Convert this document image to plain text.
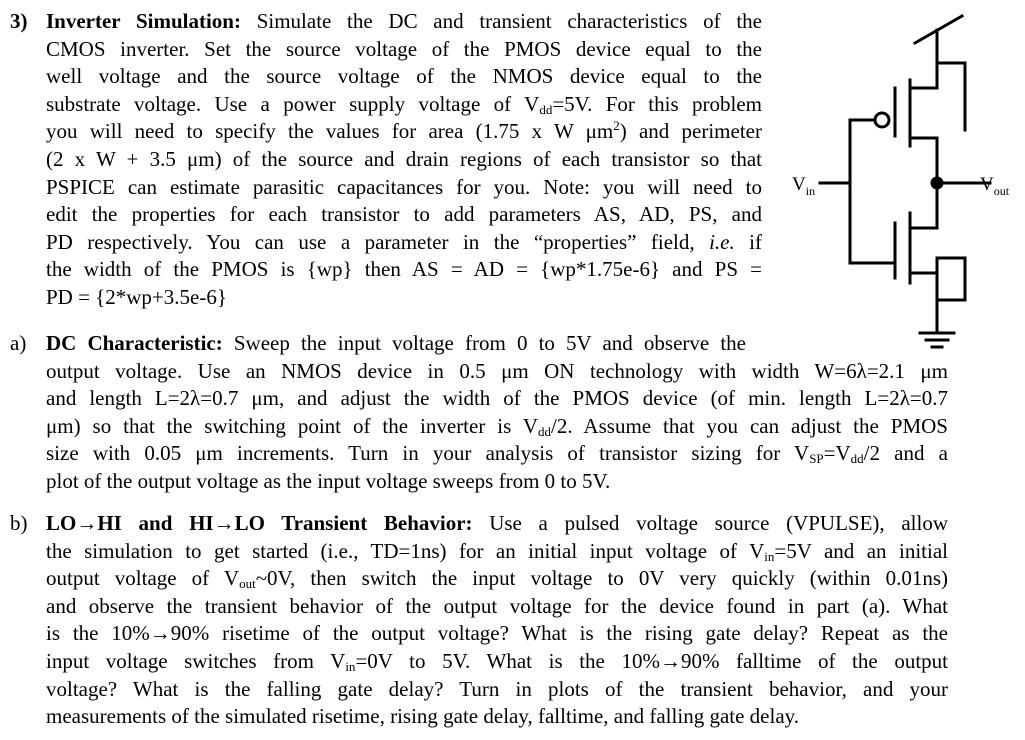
3) Inverter Simulation: Simulate the DC and transient characteristics of the
CMOS inverter. Set the source voltage of the PMOS device equal to the
well voltage and the source voltage of the NMOS device equal to the
substrate voltage. Use a power supply voltage of $V_{dd}=5V$. For this problem
you will need to specify the values for area (1.75 x W $\mu m^2$) and perimeter
(2 x W + 3.5 μm) of the source and drain regions of each transistor so that
PSPICE can estimate parasitic capacitances for you. Note: you will need to
edit the properties for each transistor to add parameters AS, AD, PS, and
PD respectively. You can use a parameter in the “properties” field, i.e. if
the width of the PMOS is {wp} then AS = AD = {wp*1.75e-6} and PS =
PD = {2*wp+3.5e-6}
$V_{in}$	$V_{out}$
a) DC Characteristic: Sweep the input voltage from 0 to 5V and observe the
output voltage. Use an NMOS device in 0.5 μm ON technology with width W=6λ=2.1 μm
and length L=2λ=0.7 μm, and adjust the width of the PMOS device (of min. length L=2λ=0.7
μm) so that the switching point of the inverter is $V_{dd}/2$. Assume that you can adjust the PMOS
size with 0.05 μm increments. Turn in your analysis of transistor sizing for $V_{SP}=V_{dd}/2$ and a
plot of the output voltage as the input voltage sweeps from 0 to 5V.
b) LO→HI and HI→LO Transient Behavior: Use a pulsed voltage source (VPULSE), allow
the simulation to get started (i.e., TD=1ns) for an initial input voltage of $V_{in}=5V$ and an initial
output voltage of $V_{out}\sim 0V$, then switch the input voltage to 0V very quickly (within 0.01ns)
and observe the transient behavior of the output voltage for the device found in part (a). What
is the 10%→90% risetime of the output voltage? What is the rising gate delay? Repeat as the
input voltage switches from $V_{in}=0V$ to 5V. What is the 10%→90% falltime of the output
voltage? What is the falling gate delay? Turn in plots of the transient behavior, and your
measurements of the simulated risetime, rising gate delay, falltime, and falling gate delay.
